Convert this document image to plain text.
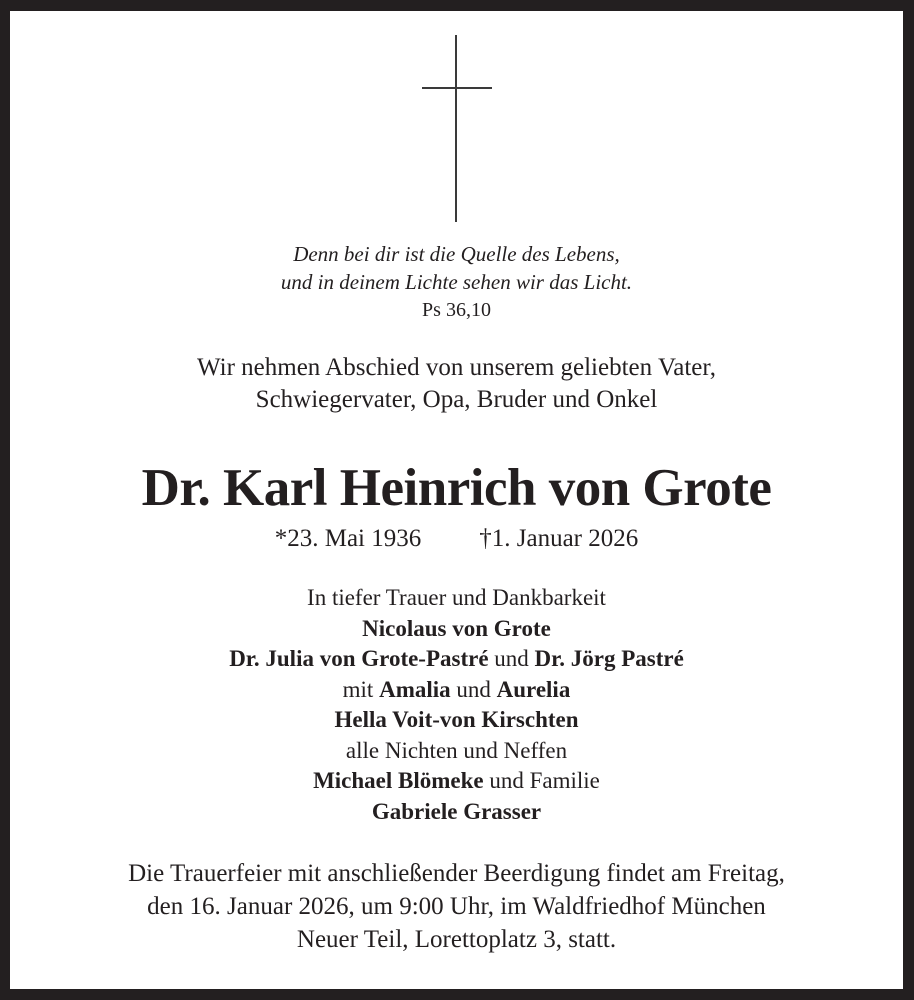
Denn bei dir ist die Quelle des Lebens,
und in deinem Lichte sehen wir das Licht.
Ps 36,10
Wir nehmen Abschied von unserem geliebten Vater,
Schwiegervater, Opa, Bruder und Onkel
Dr. Karl Heinrich von Grote
*23. Mai 1936 †1. Januar 2026
In tiefer Trauer und Dankbarkeit
Nicolaus von Grote
Dr. Julia von Grote-Pastré und Dr. Jörg Pastré
mit Amalia und Aurelia
Hella Voit-von Kirschten
alle Nichten und Neffen
Michael Blömeke und Familie
Gabriele Grasser
Die Trauerfeier mit anschließender Beerdigung findet am Freitag,
den 16. Januar 2026, um 9:00 Uhr, im Waldfriedhof München
Neuer Teil, Lorettoplatz 3, statt.
